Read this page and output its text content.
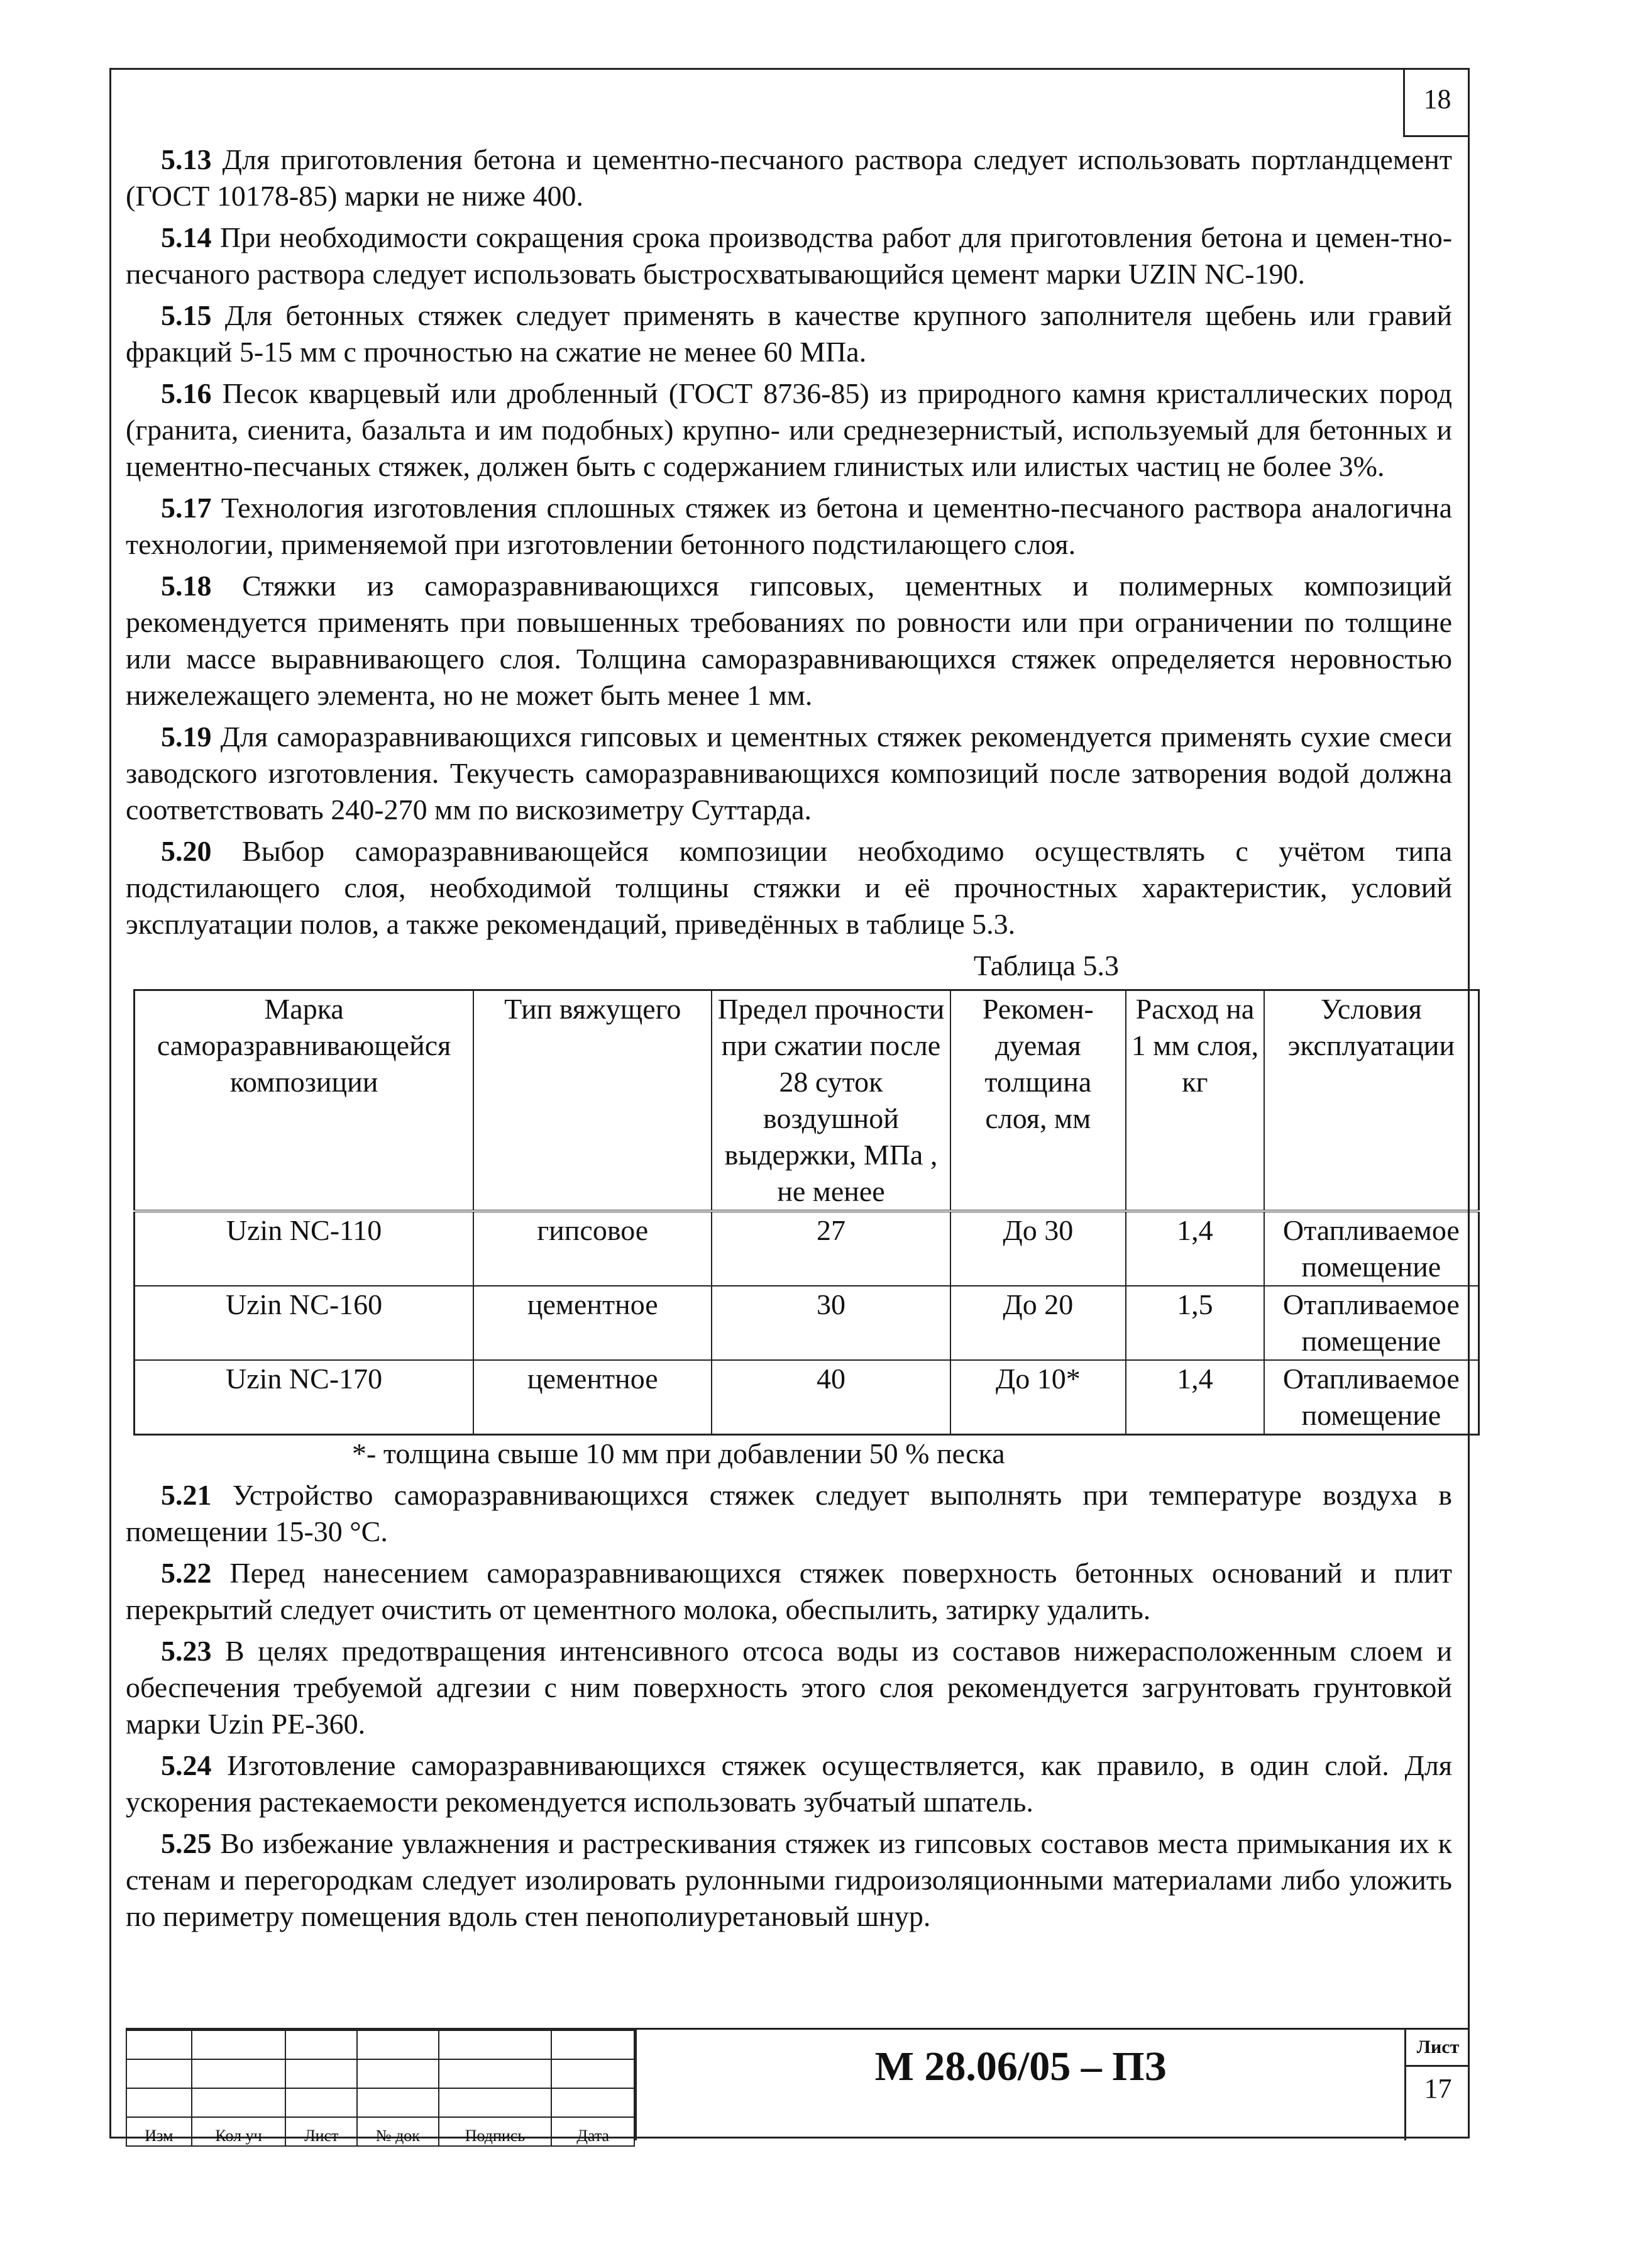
18

5.13 Для приготовления бетона и цементно-песчаного раствора следует использовать портландцемент (ГОСТ 10178-85) марки не ниже 400.

5.14 При необходимости сокращения срока производства работ для приготовления бетона и цемен-тно-песчаного раствора следует использовать быстросхватывающийся цемент марки UZIN NC-190.

5.15 Для бетонных стяжек следует применять в качестве крупного заполнителя щебень или гравий фракций 5-15 мм с прочностью на сжатие не менее 60 МПа.

5.16 Песок кварцевый или дробленный (ГОСТ 8736-85) из природного камня кристаллических пород (гранита, сиенита, базальта и им подобных) крупно- или среднезернистый, используемый для бетонных и цементно-песчаных стяжек, должен быть с содержанием глинистых или илистых частиц не более 3%.

5.17 Технология изготовления сплошных стяжек из бетона и цементно-песчаного раствора аналогична технологии, применяемой при изготовлении бетонного подстилающего слоя.

5.18 Стяжки из саморазравнивающихся гипсовых, цементных и полимерных композиций рекомендуется применять при повышенных требованиях по ровности или при ограничении по толщине или массе выравнивающего слоя. Толщина саморазравнивающихся стяжек определяется неровностью нижележащего элемента, но не может быть менее 1 мм.

5.19 Для саморазравнивающихся гипсовых и цементных стяжек рекомендуется применять сухие смеси заводского изготовления. Текучесть саморазравнивающихся композиций после затворения водой должна соответствовать 240-270 мм по вискозиметру Суттарда.

5.20 Выбор саморазравнивающейся композиции необходимо осуществлять с учётом типа подстилающего слоя, необходимой толщины стяжки и её прочностных характеристик, условий эксплуатации полов, а также рекомендаций, приведённых в таблице 5.3.

Таблица 5.3

Марка саморазравнивающейся композиции	Тип вяжущего	Предел прочности при сжатии после 28 суток воздушной выдержки, МПа , не менее	Рекомен-дуемая толщина слоя, мм	Расход на 1 мм слоя, кг	Условия эксплуатации
Uzin NC-110	гипсовое	27	До 30	1,4	Отапливаемое помещение
Uzin NC-160	цементное	30	До 20	1,5	Отапливаемое помещение
Uzin NC-170	цементное	40	До 10*	1,4	Отапливаемое помещение

*- толщина свыше 10 мм при добавлении 50 % песка

5.21 Устройство саморазравнивающихся стяжек следует выполнять при температуре воздуха в помещении 15-30 °С.

5.22 Перед нанесением саморазравнивающихся стяжек поверхность бетонных оснований и плит перекрытий следует очистить от цементного молока, обеспылить, затирку удалить.

5.23 В целях предотвращения интенсивного отсоса воды из составов нижерасположенным слоем и обеспечения требуемой адгезии с ним поверхность этого слоя рекомендуется загрунтовать грунтовкой марки Uzin PE-360.

5.24 Изготовление саморазравнивающихся стяжек осуществляется, как правило, в один слой. Для ускорения растекаемости рекомендуется использовать зубчатый шпатель.

5.25 Во избежание увлажнения и растрескивания стяжек из гипсовых составов места примыкания их к стенам и перегородкам следует изолировать рулонными гидроизоляционными материалами либо уложить по периметру помещения вдоль стен пенополиуретановый шнур.

Изм	Кол уч	Лист	№ док	Подпись	Дата
М 28.06/05 – ПЗ	Лист
17
